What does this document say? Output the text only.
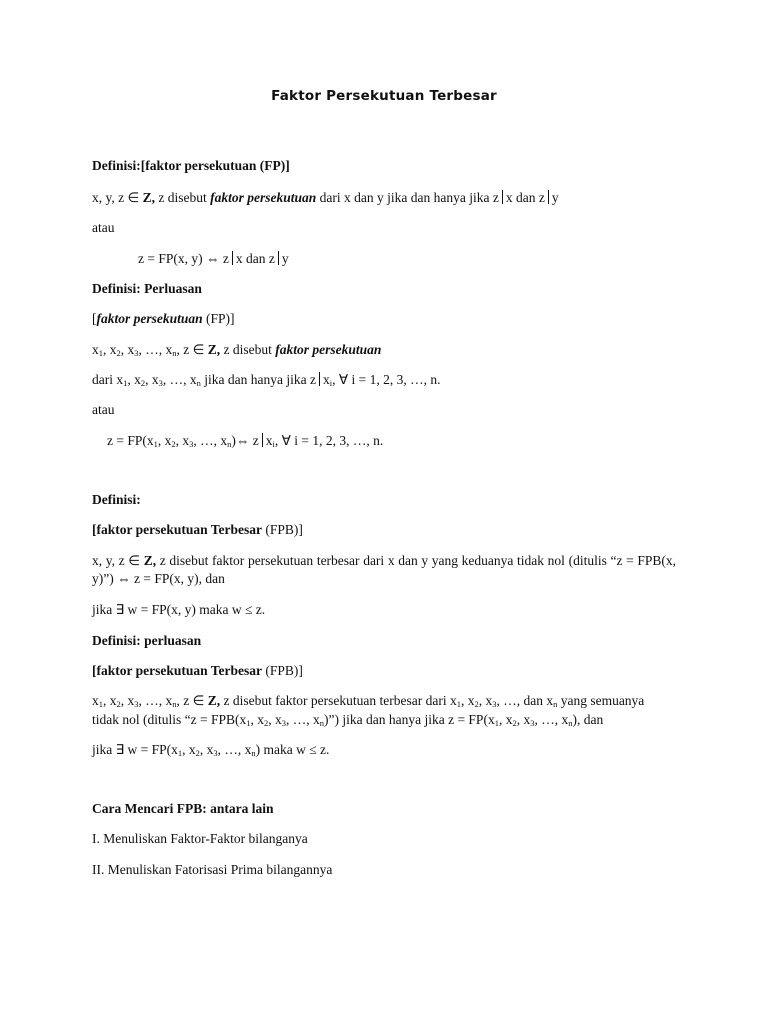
Faktor Persekutuan Terbesar
Definisi:[faktor persekutuan (FP)]
x, y, z ∈ Z, z disebut faktor persekutuan dari x dan y jika dan hanya jika z x dan z y
atau
z = FP(x, y) ⇔ z x dan z y
Definisi: Perluasan
[faktor persekutuan (FP)]
$x_1$, $x_2$, $x_3$, …, $x_n$, z ∈ Z, z disebut faktor persekutuan
dari $x_1$, $x_2$, $x_3$, …, $x_n$ jika dan hanya jika z $x_i$, ∀ i = 1, 2, 3, …, n.
atau
$z = FP(x_1$, $x_2$, $x_3$, …, $x_n)\Leftrightarrow$ z $x_i$, ∀ i = 1, 2, 3, …, n.
Definisi:
[faktor persekutuan Terbesar (FPB)]
x, y, z ∈ Z, z disebut faktor persekutuan terbesar dari x dan y yang keduanya tidak nol (ditulis “z = FPB(x, y)”) ⇔ z = FP(x, y), dan
jika ∃ w = FP(x, y) maka w ≤ z.
Definisi: perluasan
[faktor persekutuan Terbesar (FPB)]
$x_1$, $x_2$, $x_3$, …, $x_n$, z ∈ Z, z disebut faktor persekutuan terbesar dari $x_1$, $x_2$, $x_3$, …, dan $x_n$ yang semuanya
tidak nol (ditulis “$z = FPB(x_1$, $x_2$, $x_3$, …, $x_n$)”) jika dan hanya jika $z = FP(x_1$, $x_2$, $x_3$, …, $x_n$), dan
jika ∃ $w = FP(x_1$, $x_2$, $x_3$, …, $x_n$) maka w ≤ z.
Cara Mencari FPB: antara lain
I. Menuliskan Faktor-Faktor bilanganya
II. Menuliskan Fatorisasi Prima bilangannya
